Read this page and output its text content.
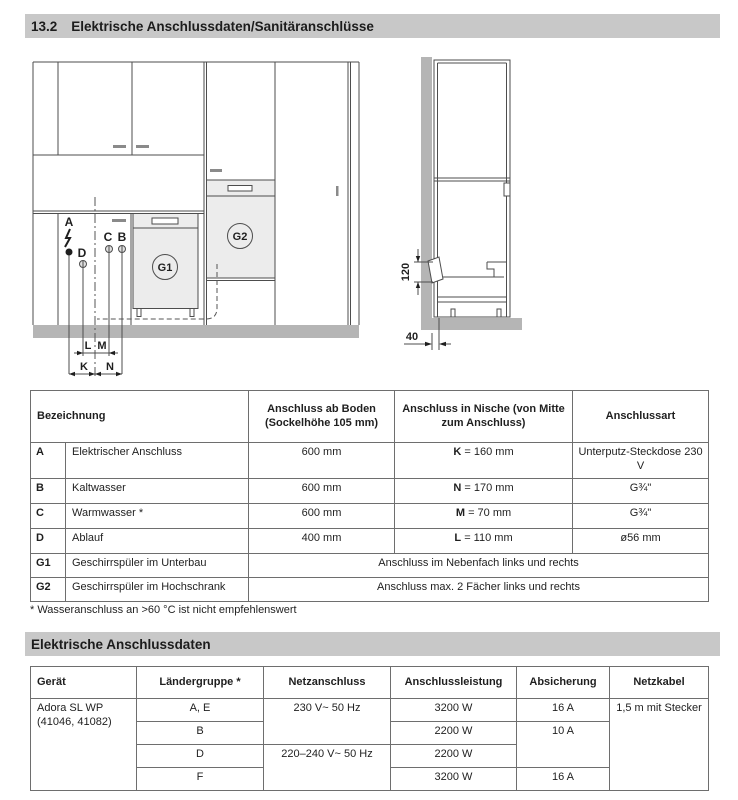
13.2 Elektrische Anschlussdaten/Sanitäranschlüsse
G1
G2
A
D
C B
L M
K N
120
40
Bezeichnung		Anschluss ab Boden (Sockelhöhe 105 mm)	Anschluss in Nische (von Mitte zum Anschluss)	Anschlussart
A	Elektrischer Anschluss	600 mm	K = 160 mm	Unterputz-Steckdose 230 V
B	Kaltwasser	600 mm	N = 170 mm	G¾"
C	Warmwasser *	600 mm	M = 70 mm	G¾"
D	Ablauf	400 mm	L = 110 mm	ø56 mm
G1	Geschirrspüler im Unterbau	Anschluss im Nebenfach links und rechts		
G2	Geschirrspüler im Hochschrank	Anschluss max. 2 Fächer links und rechts		
* Wasseranschluss an >60 °C ist nicht empfehlenswert
Elektrische Anschlussdaten
Gerät	Ländergruppe *	Netzanschluss	Anschlussleistung	Absicherung	Netzkabel

Adora SL WP
(41046, 41082)	A, E	230 V~ 50 Hz	3200 W	16 A	1,5 m mit Stecker
	B		2200 W	10 A	
	D	220–240 V~ 50 Hz	2200 W		
	F		3200 W	16 A	
